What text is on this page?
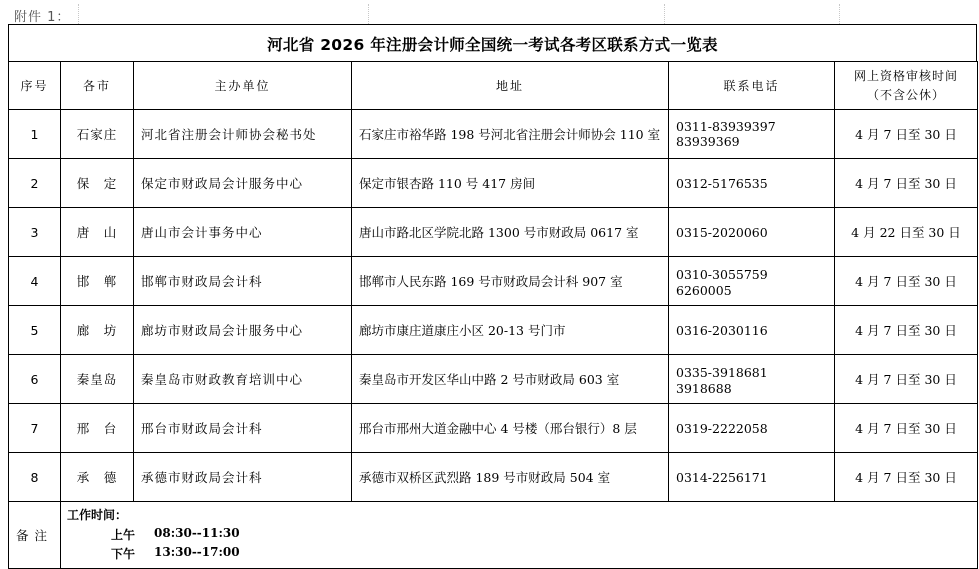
附件 1：
河北省 2026 年注册会计师全国统一考试各考区联系方式一览表
序号	各市	主办单位	地址	联系电话	网上资格审核时间
（不含公休）

1	石家庄	河北省注册会计师协会秘书处	石家庄市裕华路 198 号河北省注册会计师协会 110 室	0311-83939397 83939369	4 月 7 日至 30 日
2	保　定	保定市财政局会计服务中心	保定市银杏路 110 号 417 房间	0312-5176535	4 月 7 日至 30 日
3	唐　山	唐山市会计事务中心	唐山市路北区学院北路 1300 号市财政局 0617 室	0315-2020060	4 月 22 日至 30 日
4	邯　郸	邯郸市财政局会计科	邯郸市人民东路 169 号市财政局会计科 907 室	0310-3055759　6260005	4 月 7 日至 30 日
5	廊　坊	廊坊市财政局会计服务中心	廊坊市康庄道康庄小区 20-13 号门市	0316-2030116	4 月 7 日至 30 日
6	秦皇岛	秦皇岛市财政教育培训中心	秦皇岛市开发区华山中路 2 号市财政局 603 室	0335-3918681　3918688	4 月 7 日至 30 日
7	邢　台	邢台市财政局会计科	邢台市邢州大道金融中心 4 号楼（邢台银行）8 层	0319-2222058	4 月 7 日至 30 日
8	承　德	承德市财政局会计科	承德市双桥区武烈路 189 号市财政局 504 室	0314-2256171	4 月 7 日至 30 日
备注	工作时间：
上午 08:30--11:30
下午 13:30--17:00				
